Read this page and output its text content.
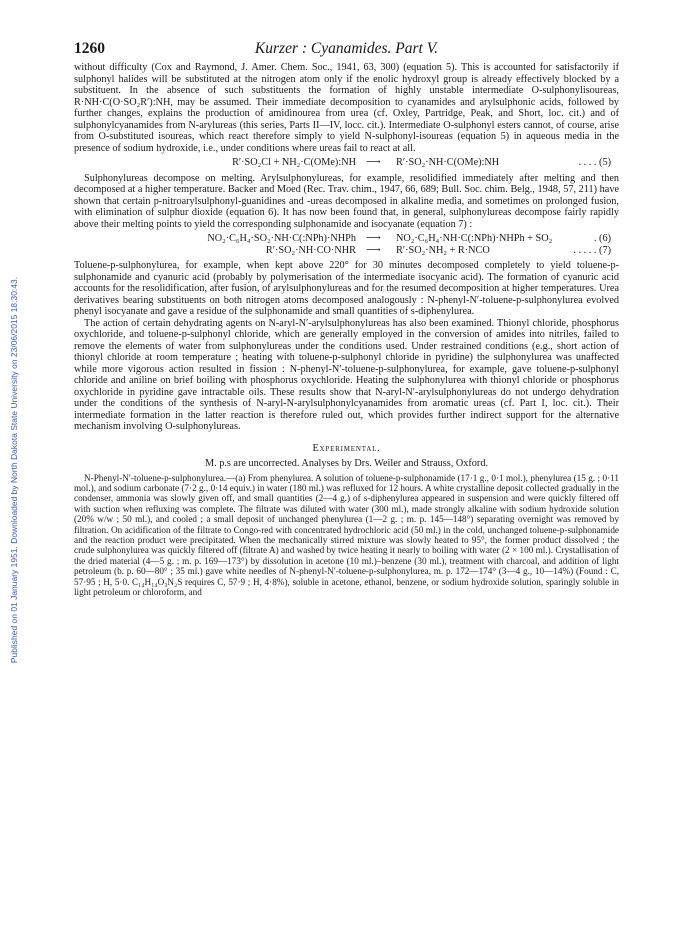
Published on 01 January 1951. Downloaded by North Dakota State University on 23/06/2015 18:30:43.
1260	Kurzer : Cyanamides. Part V.

without difficulty (Cox and Raymond, J. Amer. Chem. Soc., 1941, 63, 300) (equation 5). This is accounted for satisfactorily if sulphonyl halides will be substituted at the nitrogen atom only if the enolic hydroxyl group is already effectively blocked by a substituent. In the absence of such substituents the formation of highly unstable intermediate O-sulphonylisoureas, R·NH·C(O·SO₂R′):NH, may be assumed. Their immediate decomposition to cyanamides and arylsulphonic acids, followed by further changes, explains the production of amidinourea from urea (cf. Oxley, Partridge, Peak, and Short, loc. cit.) and of sulphonylcyanamides from N-arylureas (this series, Parts II—IV, locc. cit.). Intermediate O-sulphonyl esters cannot, of course, arise from O-substituted isoureas, which react therefore simply to yield N-sulphonyl-isoureas (equation 5) in aqueous media in the presence of sodium hydroxide, i.e., under conditions where ureas fail to react at all.

R′·SO₂Cl + NH₂·C(OMe):NH ⟶ R′·SO₂·NH·C(OMe):NH	. . . . (5)

Sulphonylureas decompose on melting. Arylsulphonylureas, for example, resolidified immediately after melting and then decomposed at a higher temperature. Backer and Moed (Rec. Trav. chim., 1947, 66, 689; Bull. Soc. chim. Belg., 1948, 57, 211) have shown that certain p-nitroarylsulphonyl-guanidines and -ureas decomposed in alkaline media, and sometimes on prolonged fusion, with elimination of sulphur dioxide (equation 6). It has now been found that, in general, sulphonylureas decompose fairly rapidly above their melting points to yield the corresponding sulphonamide and isocyanate (equation 7) :

NO₂·C₆H₄·SO₂·NH·C(:NPh)·NHPh ⟶ NO₂·C₆H₄·NH·C(:NPh)·NHPh + SO₂	. (6)
R′·SO₂·NH·CO·NHR ⟶ R′·SO₂·NH₂ + R·NCO	. . . . . (7)

Toluene-p-sulphonylurea, for example, when kept above 220° for 30 minutes decomposed completely to yield toluene-p-sulphonamide and cyanuric acid (probably by polymerisation of the intermediate isocyanic acid). The formation of cyanuric acid accounts for the resolidification, after fusion, of arylsulphonylureas and for the resumed decomposition at higher temperatures. Urea derivatives bearing substituents on both nitrogen atoms decomposed analogously : N-phenyl-N′-toluene-p-sulphonylurea evolved phenyl isocyanate and gave a residue of the sulphonamide and small quantities of s-diphenylurea.

The action of certain dehydrating agents on N-aryl-N′-arylsulphonylureas has also been examined. Thionyl chloride, phosphorus oxychloride, and toluene-p-sulphonyl chloride, which are generally employed in the conversion of amides into nitriles, failed to remove the elements of water from sulphonylureas under the conditions used. Under restrained conditions (e.g., short action of thionyl chloride at room temperature ; heating with toluene-p-sulphonyl chloride in pyridine) the sulphonylurea was unaffected while more vigorous action resulted in fission : N-phenyl-N′-toluene-p-sulphonylurea, for example, gave toluene-p-sulphonyl chloride and aniline on brief boiling with phosphorus oxychloride. Heating the sulphonylurea with thionyl chloride or phosphorus oxychloride in pyridine gave intractable oils. These results show that N-aryl-N′-arylsulphonylureas do not undergo dehydration under the conditions of the synthesis of N-aryl-N-arylsulphonylcyanamides from aromatic ureas (cf. Part I, loc. cit.). Their intermediate formation in the latter reaction is therefore ruled out, which provides further indirect support for the alternative mechanism involving O-sulphonylureas.

Experimental.
M. p.s are uncorrected. Analyses by Drs. Weiler and Strauss, Oxford.

N-Phenyl-N′-toluene-p-sulphonylurea.—(a) From phenylurea. A solution of toluene-p-sulphonamide (17·1 g., 0·1 mol.), phenylurea (15 g. ; 0·11 mol.), and sodium carbonate (7·2 g., 0·14 equiv.) in water (180 ml.) was refluxed for 12 hours. A white crystalline deposit collected gradually in the condenser, ammonia was slowly given off, and small quantities (2—4 g.) of s-diphenylurea appeared in suspension and were quickly filtered off with suction when refluxing was complete. The filtrate was diluted with water (300 ml.), made strongly alkaline with sodium hydroxide solution (20% w/w ; 50 ml.), and cooled ; a small deposit of unchanged phenylurea (1—2 g. ; m. p. 145—148°) separating overnight was removed by filtration. On acidification of the filtrate to Congo-red with concentrated hydrochloric acid (50 ml.) in the cold, unchanged toluene-p-sulphonamide and the reaction product were precipitated. When the mechanically stirred mixture was slowly heated to 95°, the former product dissolved ; the crude sulphonylurea was quickly filtered off (filtrate A) and washed by twice heating it nearly to boiling with water (2 × 100 ml.). Crystallisation of the dried material (4—5 g. ; m. p. 169—173°) by dissolution in acetone (10 ml.)–benzene (30 ml.), treatment with charcoal, and addition of light petroleum (b. p. 60—80° ; 35 ml.) gave white needles of N-phenyl-N′-toluene-p-sulphonylurea, m. p. 172—174° (3—4 g., 10—14%) (Found : C, 57·95 ; H, 5·0. C₁₄H₁₄O₃N₂S requires C, 57·9 ; H, 4·8%), soluble in acetone, ethanol, benzene, or sodium hydroxide solution, sparingly soluble in light petroleum or chloroform, and
